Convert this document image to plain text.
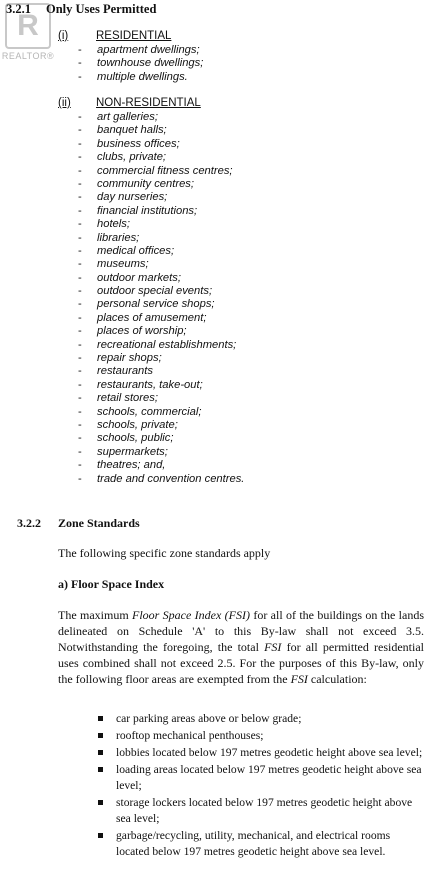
R
REALTOR®
3.2.1 Only Uses Permitted
(i) RESIDENTIAL
- apartment dwellings;
- townhouse dwellings;
- multiple dwellings.
(ii) NON-RESIDENTIAL
- art galleries;
- banquet halls;
- business offices;
- clubs, private;
- commercial fitness centres;
- community centres;
- day nurseries;
- financial institutions;
- hotels;
- libraries;
- medical offices;
- museums;
- outdoor markets;
- outdoor special events;
- personal service shops;
- places of amusement;
- places of worship;
- recreational establishments;
- repair shops;
- restaurants
- restaurants, take-out;
- retail stores;
- schools, commercial;
- schools, private;
- schools, public;
- supermarkets;
- theatres; and,
- trade and convention centres.
3.2.2 Zone Standards
The following specific zone standards apply
a) Floor Space Index
The maximum Floor Space Index (FSI) for all of the buildings on the lands delineated on Schedule 'A' to this By-law shall not exceed 3.5. Notwithstanding the foregoing, the total FSI for all permitted residential uses combined shall not exceed 2.5. For the purposes of this By-law, only the following floor areas are exempted from the FSI calculation:
car parking areas above or below grade;
rooftop mechanical penthouses;
lobbies located below 197 metres geodetic height above sea level;
loading areas located below 197 metres geodetic height above sea level;
storage lockers located below 197 metres geodetic height above sea level;
garbage/recycling, utility, mechanical, and electrical rooms located below 197 metres geodetic height above sea level.
